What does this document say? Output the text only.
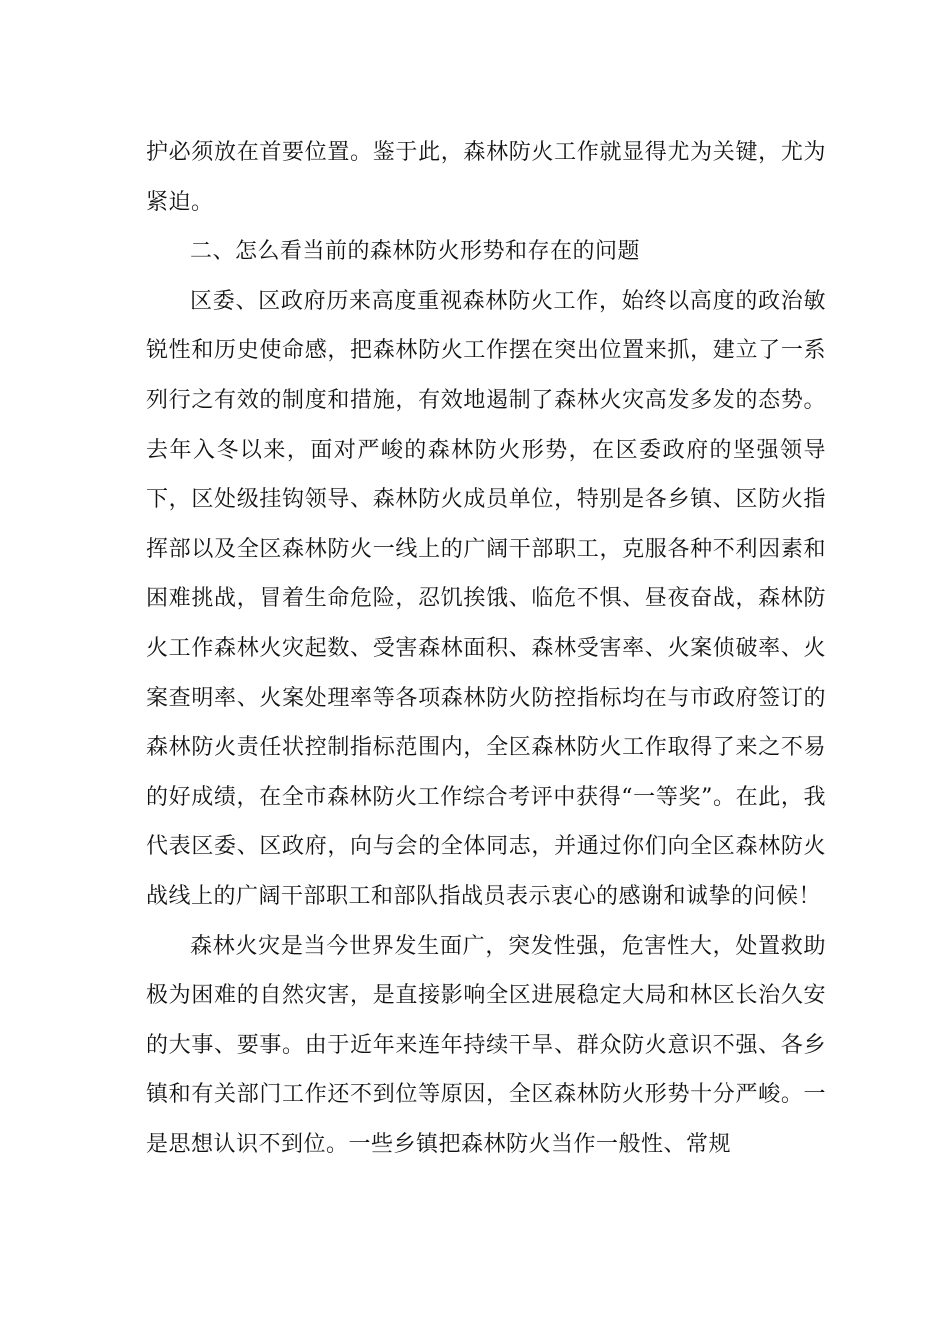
护必须放在首要位置。鉴于此，森林防火工作就显得尤为关键，尤为紧迫。

二、怎么看当前的森林防火形势和存在的问题

区委、区政府历来高度重视森林防火工作，始终以高度的政治敏锐性和历史使命感，把森林防火工作摆在突出位置来抓，建立了一系列行之有效的制度和措施，有效地遏制了森林火灾高发多发的态势。去年入冬以来，面对严峻的森林防火形势，在区委政府的坚强领导下，区处级挂钩领导、森林防火成员单位，特别是各乡镇、区防火指挥部以及全区森林防火一线上的广阔干部职工，克服各种不利因素和困难挑战，冒着生命危险，忍饥挨饿、临危不惧、昼夜奋战，森林防火工作森林火灾起数、受害森林面积、森林受害率、火案侦破率、火案查明率、火案处理率等各项森林防火防控指标均在与市政府签订的森林防火责任状控制指标范围内，全区森林防火工作取得了来之不易的好成绩，在全市森林防火工作综合考评中获得“一等奖”。在此，我代表区委、区政府，向与会的全体同志，并通过你们向全区森林防火战线上的广阔干部职工和部队指战员表示衷心的感谢和诚挚的问候！

森林火灾是当今世界发生面广，突发性强，危害性大，处置救助极为困难的自然灾害，是直接影响全区进展稳定大局和林区长治久安的大事、要事。由于近年来连年持续干旱、群众防火意识不强、各乡镇和有关部门工作还不到位等原因，全区森林防火形势十分严峻。一是思想认识不到位。一些乡镇把森林防火当作一般性、常规
